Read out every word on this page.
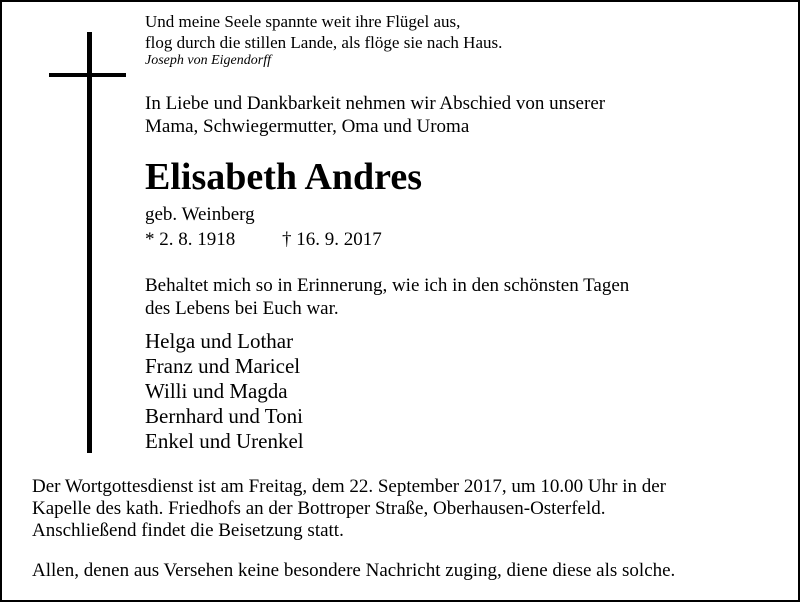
Und meine Seele spannte weit ihre Flügel aus,
flog durch die stillen Lande, als flöge sie nach Haus.
Joseph von Eigendorff
In Liebe und Dankbarkeit nehmen wir Abschied von unserer
Mama, Schwiegermutter, Oma und Uroma
Elisabeth Andres
geb. Weinberg
* 2. 8. 1918 † 16. 9. 2017
Behaltet mich so in Erinnerung, wie ich in den schönsten Tagen
des Lebens bei Euch war.
Helga und Lothar
Franz und Maricel
Willi und Magda
Bernhard und Toni
Enkel und Urenkel
Der Wortgottesdienst ist am Freitag, dem 22. September 2017, um 10.00 Uhr in der
Kapelle des kath. Friedhofs an der Bottroper Straße, Oberhausen-Osterfeld.
Anschließend findet die Beisetzung statt.
Allen, denen aus Versehen keine besondere Nachricht zuging, diene diese als solche.
